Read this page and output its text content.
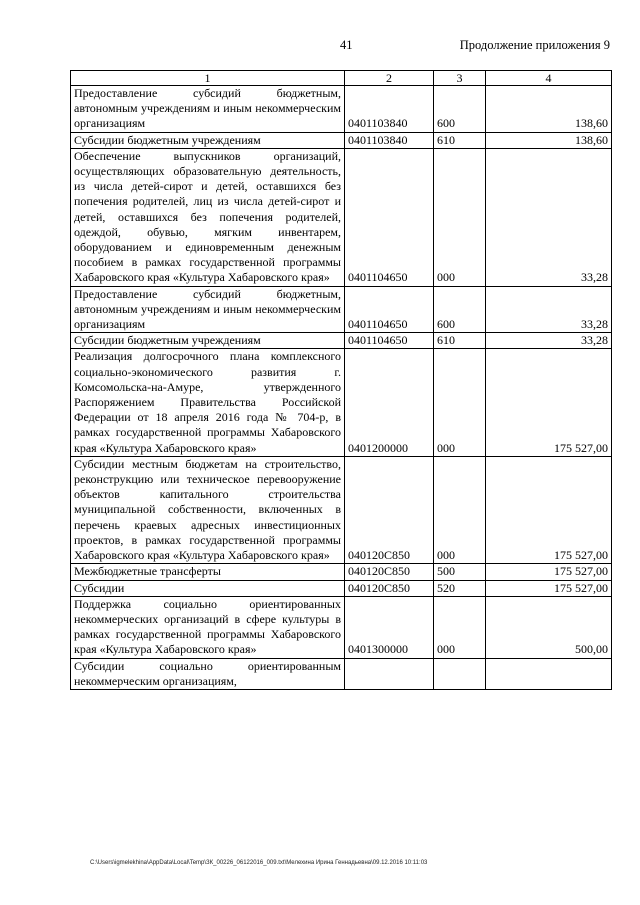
41	Продолжение приложения 9
1	2	3	4
Предоставление субсидий бюджетным, автономным учреждениям и иным некоммерческим организациям	0401103840	600	138,60
Субсидии бюджетным учреждениям	0401103840	610	138,60
Обеспечение выпускников организаций, осуществляющих образовательную деятельность, из числа детей-сирот и детей, оставшихся без попечения родителей, лиц из числа детей-сирот и детей, оставшихся без попечения родителей, одеждой, обувью, мягким инвентарем, оборудованием и единовременным денежным пособием в рамках государственной программы Хабаровского края «Культура Хабаровского края»	0401104650	000	33,28
Предоставление субсидий бюджетным, автономным учреждениям и иным некоммерческим организациям	0401104650	600	33,28
Субсидии бюджетным учреждениям	0401104650	610	33,28
Реализация долгосрочного плана комплексного социально-экономического развития г. Комсомольска-на-Амуре, утвержденного Распоряжением Правительства Российской Федерации от 18 апреля 2016 года № 704-р, в рамках государственной программы Хабаровского края «Культура Хабаровского края»	0401200000	000	175 527,00
Субсидии местным бюджетам на строительство, реконструкцию или техническое перевооружение объектов капитального строительства муниципальной собственности, включенных в перечень краевых адресных инвестиционных проектов, в рамках государственной программы Хабаровского края «Культура Хабаровского края»	040120С850	000	175 527,00
Межбюджетные трансферты	040120С850	500	175 527,00
Субсидии	040120С850	520	175 527,00
Поддержка социально ориентированных некоммерческих организаций в сфере культуры в рамках государственной программы Хабаровского края «Культура Хабаровского края»	0401300000	000	500,00
Субсидии социально ориентированным некоммерческим организациям,			
C:\Users\igmelekhina\AppData\Local\Temp\ЗК_00226_06122016_009.txt\Мелехина Ирина Геннадьевна\09.12.2016 10:11:03
